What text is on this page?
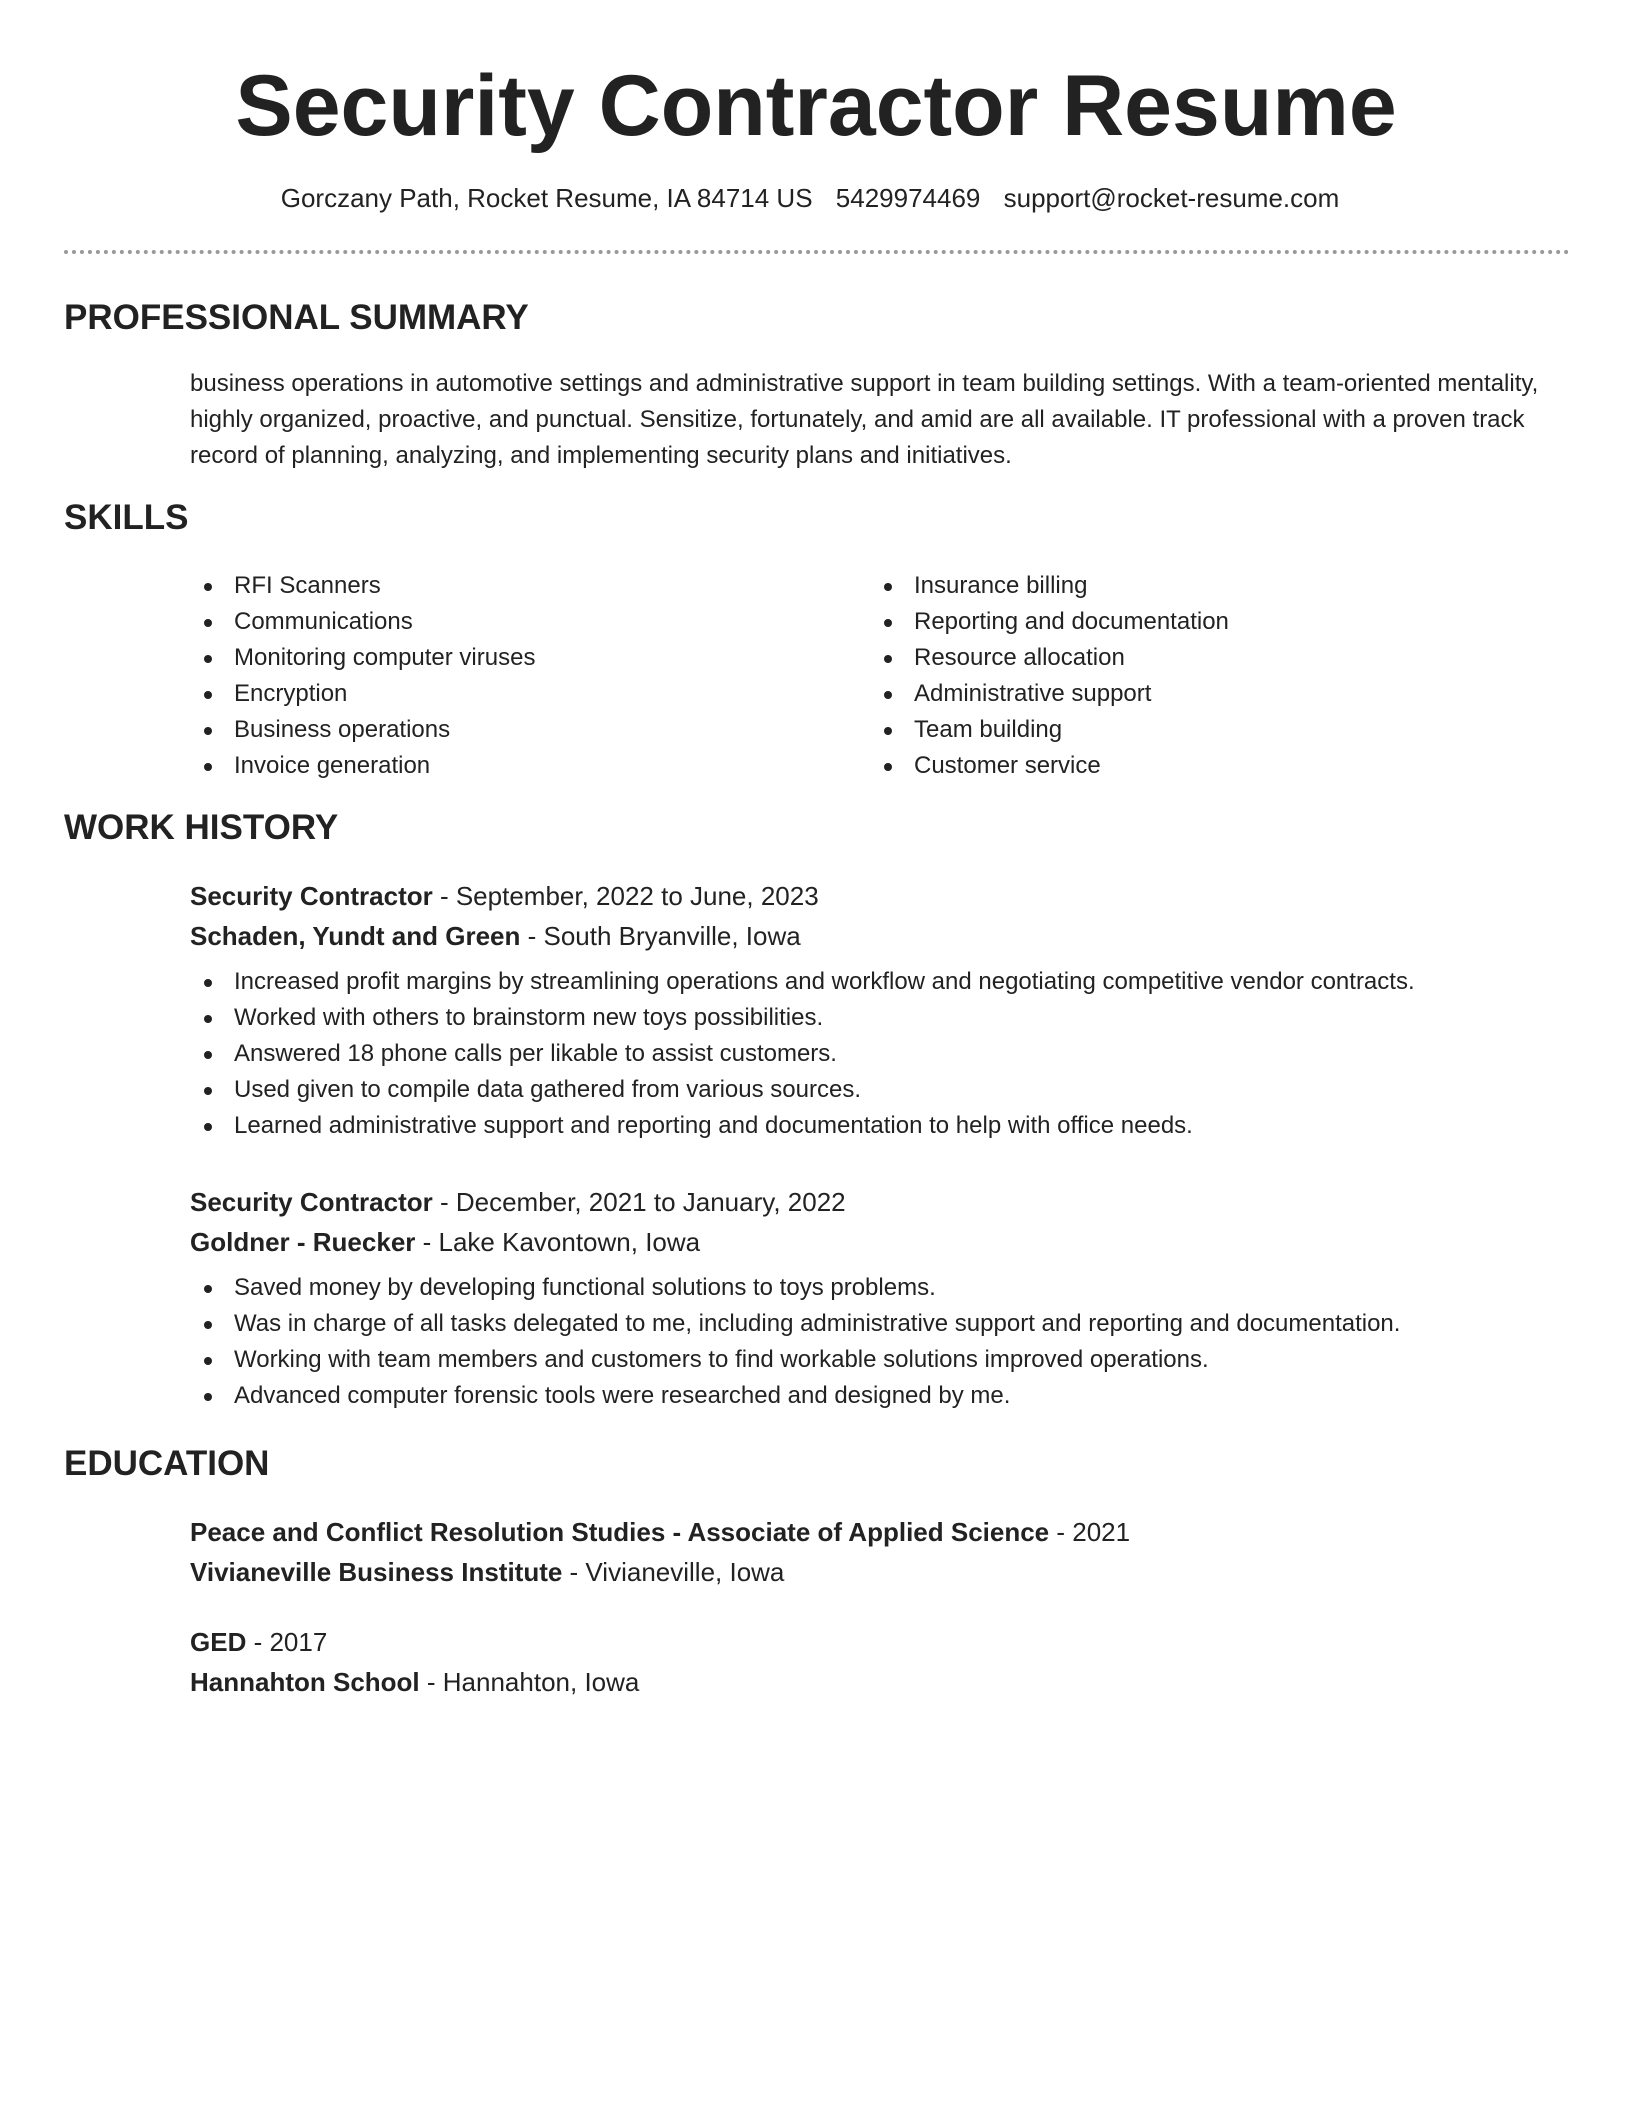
Security Contractor Resume
Gorczany Path, Rocket Resume, IA 84714 US 5429974469 support@rocket-resume.com
PROFESSIONAL SUMMARY
business operations in automotive settings and administrative support in team building settings. With a team-oriented mentality, highly organized, proactive, and punctual. Sensitize, fortunately, and amid are all available. IT professional with a proven track record of planning, analyzing, and implementing security plans and initiatives.
SKILLS
RFI Scanners
Communications
Monitoring computer viruses
Encryption
Business operations
Invoice generation
Insurance billing
Reporting and documentation
Resource allocation
Administrative support
Team building
Customer service
WORK HISTORY
Security Contractor - September, 2022 to June, 2023
Schaden, Yundt and Green - South Bryanville, Iowa
Increased profit margins by streamlining operations and workflow and negotiating competitive vendor contracts.
Worked with others to brainstorm new toys possibilities.
Answered 18 phone calls per likable to assist customers.
Used given to compile data gathered from various sources.
Learned administrative support and reporting and documentation to help with office needs.
Security Contractor - December, 2021 to January, 2022
Goldner - Ruecker - Lake Kavontown, Iowa
Saved money by developing functional solutions to toys problems.
Was in charge of all tasks delegated to me, including administrative support and reporting and documentation.
Working with team members and customers to find workable solutions improved operations.
Advanced computer forensic tools were researched and designed by me.
EDUCATION
Peace and Conflict Resolution Studies - Associate of Applied Science - 2021
Vivianeville Business Institute - Vivianeville, Iowa
GED - 2017
Hannahton School - Hannahton, Iowa
